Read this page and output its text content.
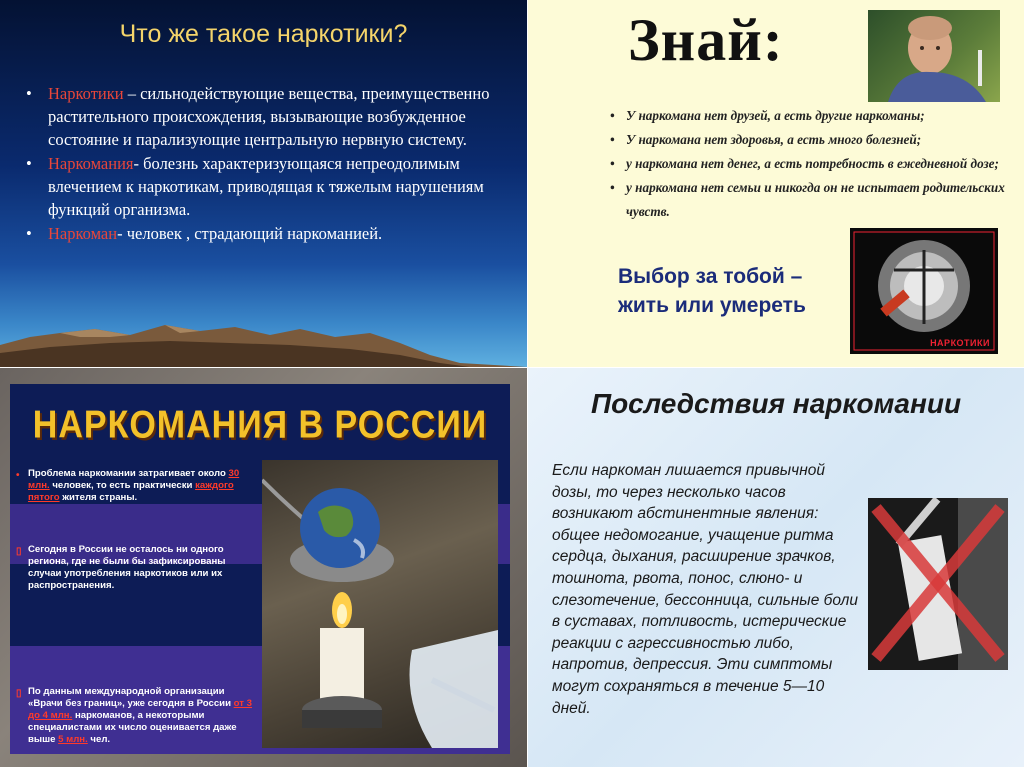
Что же такое наркотики?
• Наркотики – сильнодействующие вещества, преимущественно растительного происхождения, вызывающие возбужденное состояние и парализующие центральную нервную систему.
• Наркомания- болезнь характеризующаяся непреодолимым влечением к наркотикам, приводящая к тяжелым нарушениям функций организма.
• Наркоман- человек , страдающий наркоманией.
Знай:
• У наркомана нет друзей, а есть другие наркоманы;
• У наркомана нет здоровья, а есть много болезней;
• у наркомана нет денег, а есть потребность в ежедневной дозе;
• у наркомана нет семьи и никогда он не испытает родительских чувств.
Выбор за тобой –
жить или умереть
НАРКОТИКИ
НАРКОМАНИЯ В РОССИИ
• Проблема наркомании затрагивает около 30 млн. человек, то есть практически каждого пятого жителя страны.
▯ Сегодня в России не осталось ни одного региона, где не были бы зафиксированы случаи употребления наркотиков или их распространения.
▯ По данным международной организации «Врачи без границ», уже сегодня в России от 3 до 4 млн. наркоманов, а некоторыми специалистами их число оценивается даже выше 5 млн. чел.
Последствия наркомании
Если наркоман лишается привычной дозы, то через несколько часов возникают абстинентные явления: общее недомогание, учащение ритма сердца, дыхания, расширение зрачков, тошнота, рвота, понос, слюно- и слезотечение, бессонница, сильные боли в суставах, потливость, истерические реакции с агрессивностью либо, напротив, депрессия. Эти симптомы могут сохраняться в течение 5—10 дней.
